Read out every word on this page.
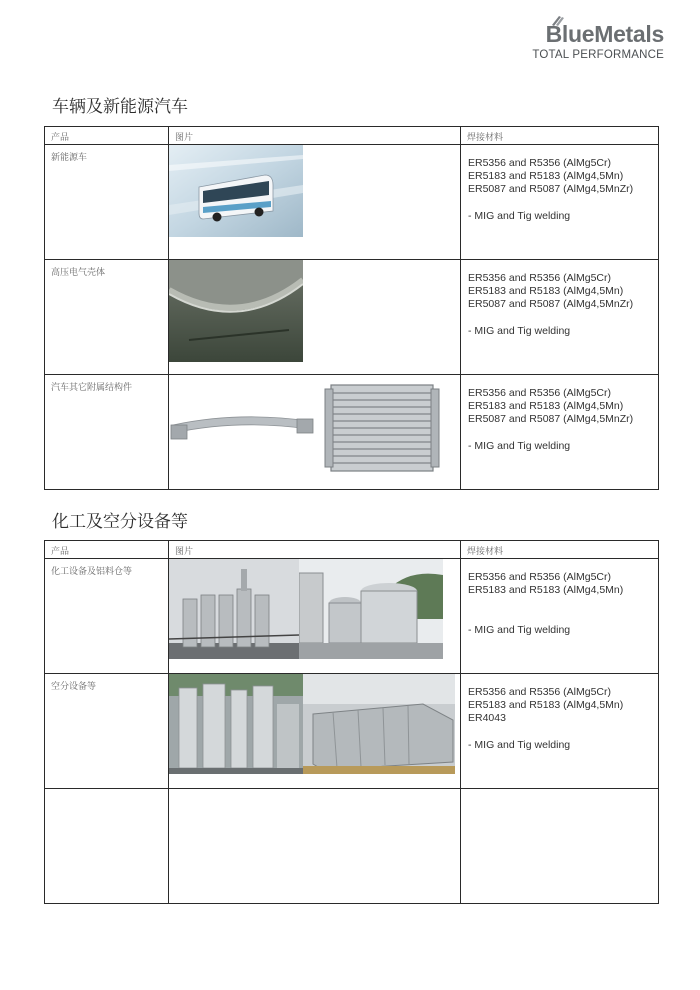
BlueMetals
TOTAL PERFORMANCE
车辆及新能源汽车
产品	图片	焊接材料
新能源车		ER5356 and R5356 (AlMg5Cr)
ER5183 and R5183 (AlMg4,5Mn)
ER5087 and R5087 (AlMg4,5MnZr)
- MIG and Tig welding

高压电气壳体		ER5356 and R5356 (AlMg5Cr)
ER5183 and R5183 (AlMg4,5Mn)
ER5087 and R5087 (AlMg4,5MnZr)
- MIG and Tig welding

汽车其它附属结构件		ER5356 and R5356 (AlMg5Cr)
ER5183 and R5183 (AlMg4,5Mn)
ER5087 and R5087 (AlMg4,5MnZr)
- MIG and Tig welding
化工及空分设备等
产品	图片	焊接材料
化工设备及铝料仓等		ER5356 and R5356 (AlMg5Cr)
ER5183 and R5183 (AlMg4,5Mn)
- MIG and Tig welding

空分设备等		ER5356 and R5356 (AlMg5Cr)
ER5183 and R5183 (AlMg4,5Mn)
ER4043
- MIG and Tig welding
